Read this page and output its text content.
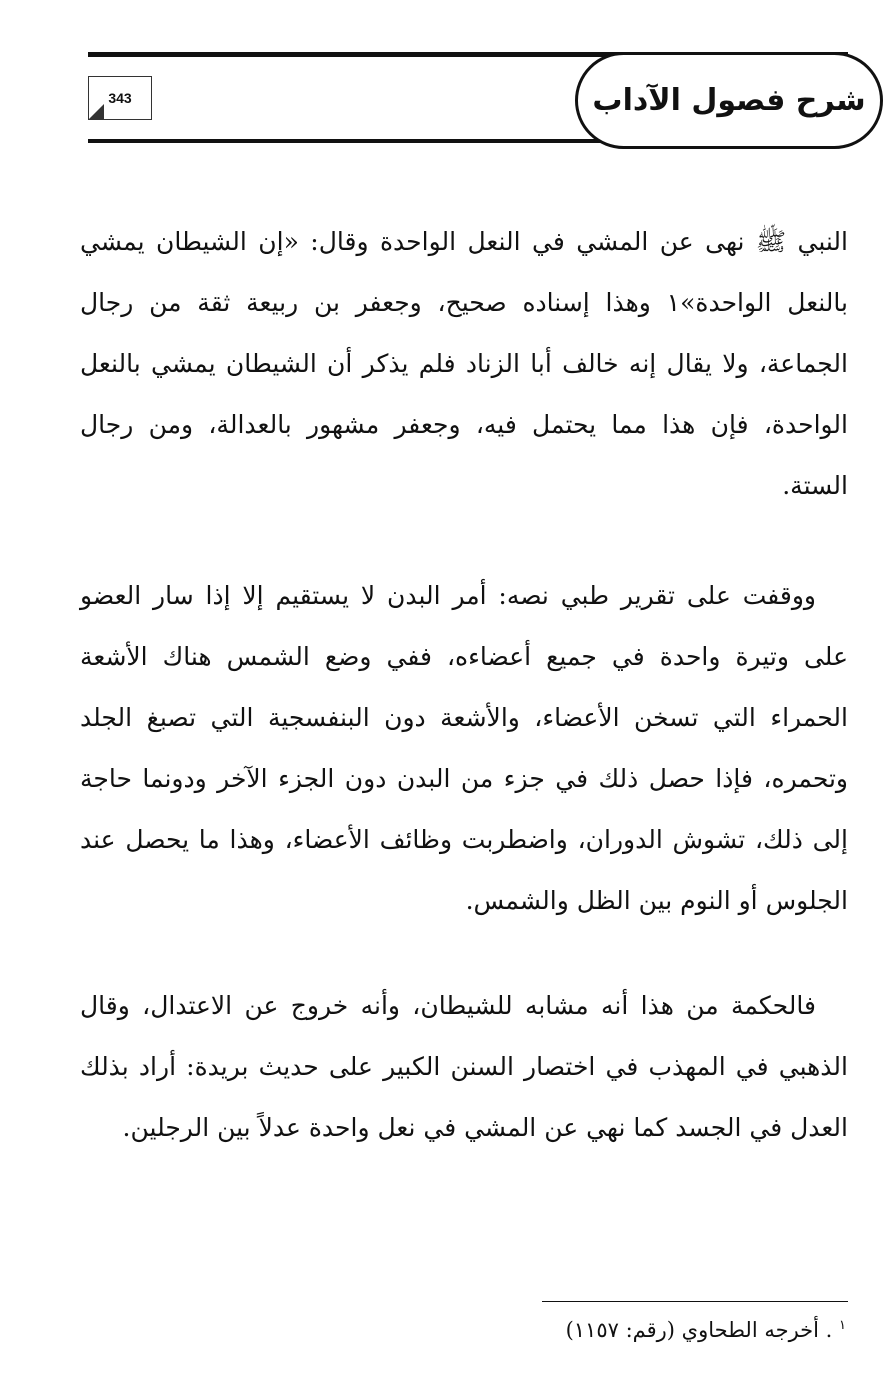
شرح فصول الآداب
343

النبي ﷺ نهى عن المشي في النعل الواحدة وقال: «إن الشيطان يمشي بالنعل الواحدة»١ وهذا إسناده صحيح، وجعفر بن ربيعة ثقة من رجال الجماعة، ولا يقال إنه خالف أبا الزناد فلم يذكر أن الشيطان يمشي بالنعل الواحدة، فإن هذا مما يحتمل فيه، وجعفر مشهور بالعدالة، ومن رجال الستة.

ووقفت على تقرير طبي نصه: أمر البدن لا يستقيم إلا إذا سار العضو على وتيرة واحدة في جميع أعضاءه، ففي وضع الشمس هناك الأشعة الحمراء التي تسخن الأعضاء، والأشعة دون البنفسجية التي تصبغ الجلد وتحمره، فإذا حصل ذلك في جزء من البدن دون الجزء الآخر ودونما حاجة إلى ذلك، تشوش الدوران، واضطربت وظائف الأعضاء، وهذا ما يحصل عند الجلوس أو النوم بين الظل والشمس.

فالحكمة من هذا أنه مشابه للشيطان، وأنه خروج عن الاعتدال، وقال الذهبي في المهذب في اختصار السنن الكبير على حديث بريدة: أراد بذلك العدل في الجسد كما نهي عن المشي في نعل واحدة عدلاً بين الرجلين.

$^١$ . أخرجه الطحاوي (رقم: ١١٥٧)
